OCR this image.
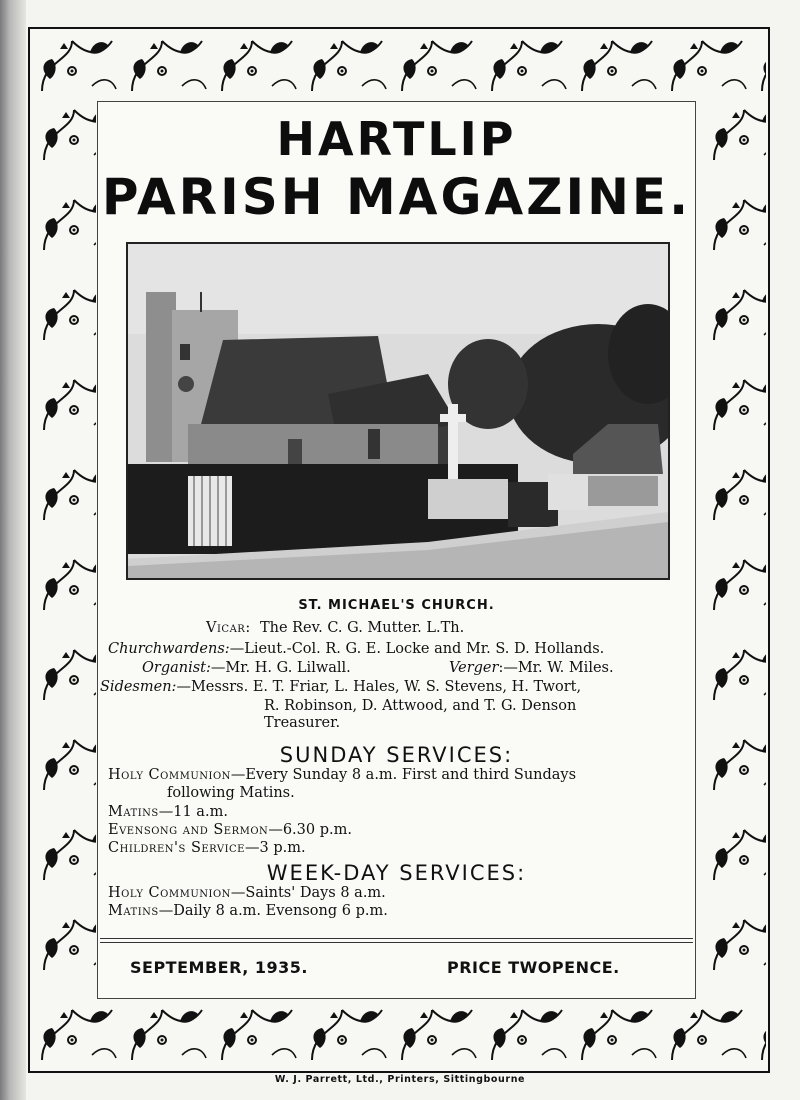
HARTLIP
PARISH MAGAZINE.
ST. MICHAEL'S CHURCH.
Vicar: The Rev. C. G. Mutter. L.Th.
Churchwardens:—Lieut.-Col. R. G. E. Locke and Mr. S. D. Hollands.
Organist:—Mr. H. G. Lilwall.	Verger:—Mr. W. Miles.
Sidesmen:—Messrs. E. T. Friar, L. Hales, W. S. Stevens, H. Twort,
R. Robinson, D. Attwood, and T. G. Denson
Treasurer.
SUNDAY SERVICES:
Holy Communion—Every Sunday 8 a.m. First and third Sundays
following Matins.
Matins—11 a.m.
Evensong and Sermon—6.30 p.m.
Children's Service—3 p.m.
WEEK-DAY SERVICES:
Holy Communion—Saints' Days 8 a.m.
Matins—Daily 8 a.m. Evensong 6 p.m.
SEPTEMBER, 1935.	PRICE TWOPENCE.
W. J. Parrett, Ltd., Printers, Sittingbourne
